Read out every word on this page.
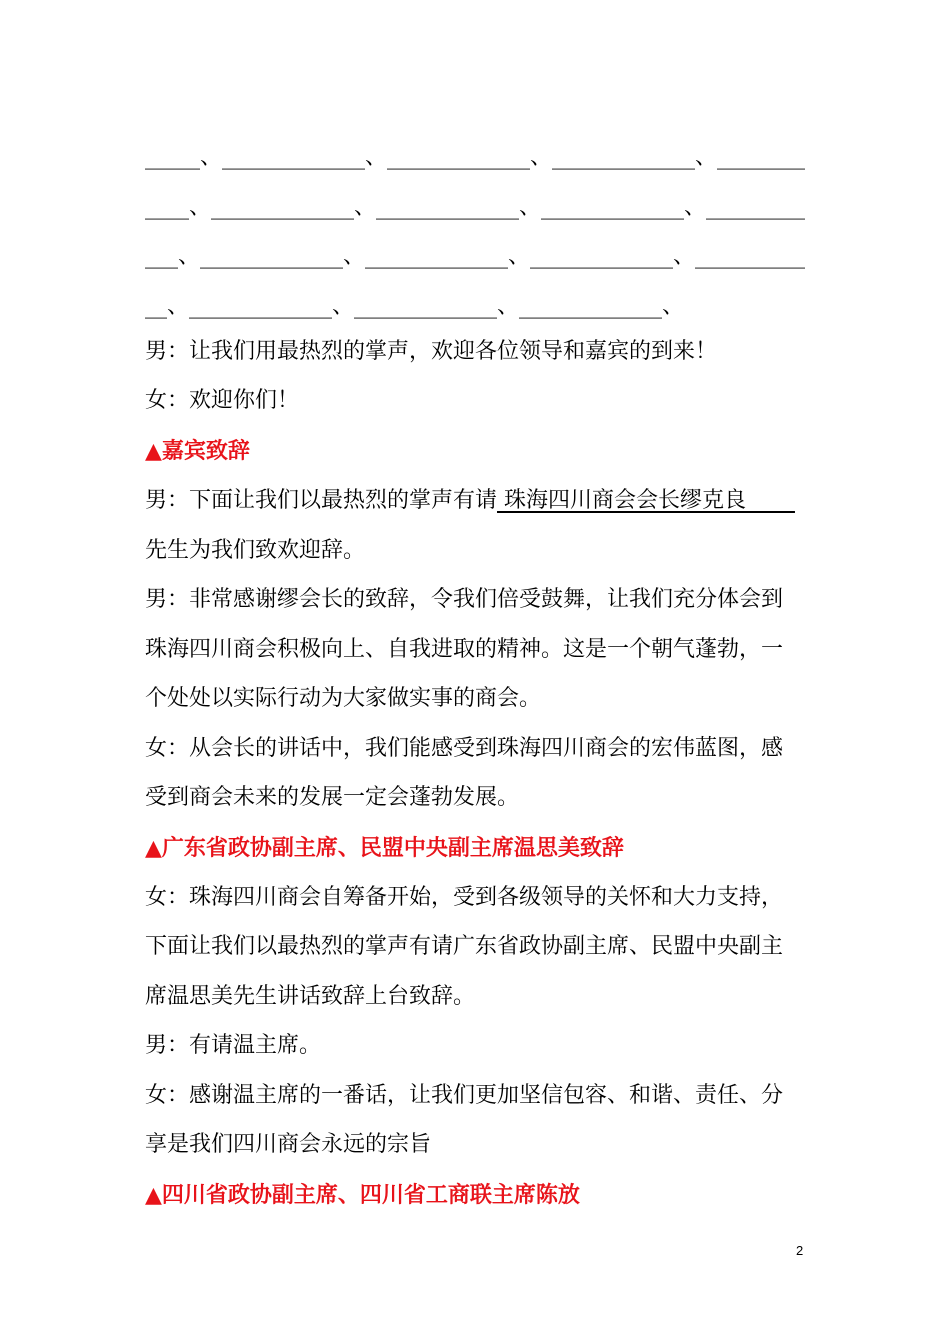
_____、_____________、_____________、_____________、________
____、_____________、_____________、_____________、_________
___、_____________、_____________、_____________、__________
__、_____________、_____________、_____________、
男：让我们用最热烈的掌声，欢迎各位领导和嘉宾的到来！
女：欢迎你们！
▲嘉宾致辞
男：下面让我们以最热烈的掌声有请 珠海四川商会会长缪克良
先生为我们致欢迎辞。
男：非常感谢缪会长的致辞，令我们倍受鼓舞，让我们充分体会到
珠海四川商会积极向上、自我进取的精神。这是一个朝气蓬勃，一
个处处以实际行动为大家做实事的商会。
女：从会长的讲话中，我们能感受到珠海四川商会的宏伟蓝图，感
受到商会未来的发展一定会蓬勃发展。
▲广东省政协副主席、民盟中央副主席温思美致辞
女：珠海四川商会自筹备开始，受到各级领导的关怀和大力支持，
下面让我们以最热烈的掌声有请广东省政协副主席、民盟中央副主
席温思美先生讲话致辞上台致辞。
男：有请温主席。
女：感谢温主席的一番话，让我们更加坚信包容、和谐、责任、分
享是我们四川商会永远的宗旨
▲四川省政协副主席、四川省工商联主席陈放
2
